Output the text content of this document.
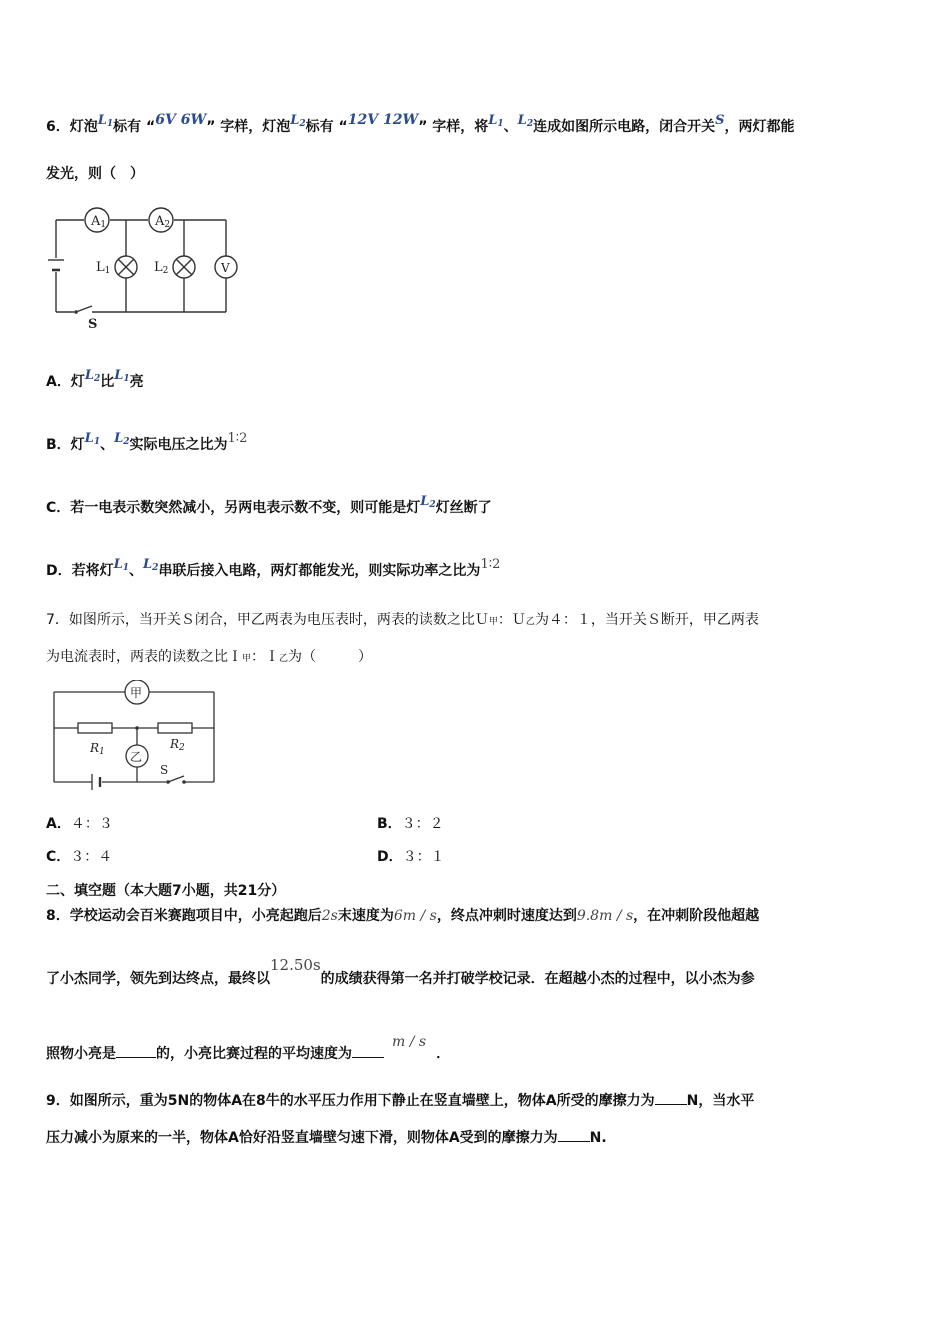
6．灯泡$L_1$标有 “6V 6W” 字样，灯泡$L_2$标有 “12V 12W” 字样，将$L_1$、$L_2$连成如图所示电路，闭合开关S，两灯都能
发光，则（　）
A1	A2
L1	L2	V
S
A．灯$L_2$比$L_1$亮
B．灯$L_1$、$L_2$实际电压之比为1∶2
C．若一电表示数突然减小，另两电表示数不变，则可能是灯$L_2$灯丝断了
D．若将灯$L_1$、$L_2$串联后接入电路，两灯都能发光，则实际功率之比为1∶2
7．如图所示，当开关Ｓ闭合，甲乙两表为电压表时，两表的读数之比Ｕ甲：Ｕ乙为４：１，当开关Ｓ断开，甲乙两表
为电流表时，两表的读数之比Ｉ甲：Ｉ乙为（　　　）
甲
乙
R1
R2
S
A．４：３	B．３：２
C．３：４	D．３：１
二、填空题（本大题7小题，共21分）
8．学校运动会百米赛跑项目中，小亮起跑后2s末速度为6m / s，终点冲刺时速度达到9.8m / s，在冲刺阶段他超越
了小杰同学，领先到达终点，最终以12.50s的成绩获得第一名并打破学校记录．在超越小杰的过程中，以小杰为参
照物小亮是	的，小亮比赛过程的平均速度为m / s．
9．如图所示，重为5N的物体A在8牛的水平压力作用下静止在竖直墙壁上，物体A所受的摩擦力为 N，当水平
压力减小为原来的一半，物体A恰好沿竖直墙壁匀速下滑，则物体A受到的摩擦力为 N.
